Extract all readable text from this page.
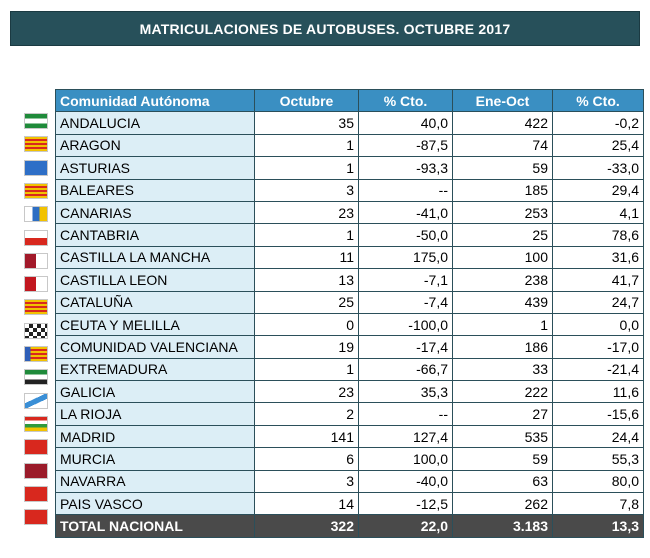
MATRICULACIONES DE AUTOBUSES. OCTUBRE 2017
Comunidad Autónoma	Octubre	% Cto.	Ene-Oct	% Cto.
ANDALUCIA	35	40,0	422	-0,2
ARAGON	1	-87,5	74	25,4
ASTURIAS	1	-93,3	59	-33,0
BALEARES	3	--	185	29,4
CANARIAS	23	-41,0	253	4,1
CANTABRIA	1	-50,0	25	78,6
CASTILLA LA MANCHA	11	175,0	100	31,6
CASTILLA LEON	13	-7,1	238	41,7
CATALUÑA	25	-7,4	439	24,7
CEUTA Y MELILLA	0	-100,0	1	0,0
COMUNIDAD VALENCIANA	19	-17,4	186	-17,0
EXTREMADURA	1	-66,7	33	-21,4
GALICIA	23	35,3	222	11,6
LA RIOJA	2	--	27	-15,6
MADRID	141	127,4	535	24,4
MURCIA	6	100,0	59	55,3
NAVARRA	3	-40,0	63	80,0
PAIS VASCO	14	-12,5	262	7,8
TOTAL NACIONAL	322	22,0	3.183	13,3
